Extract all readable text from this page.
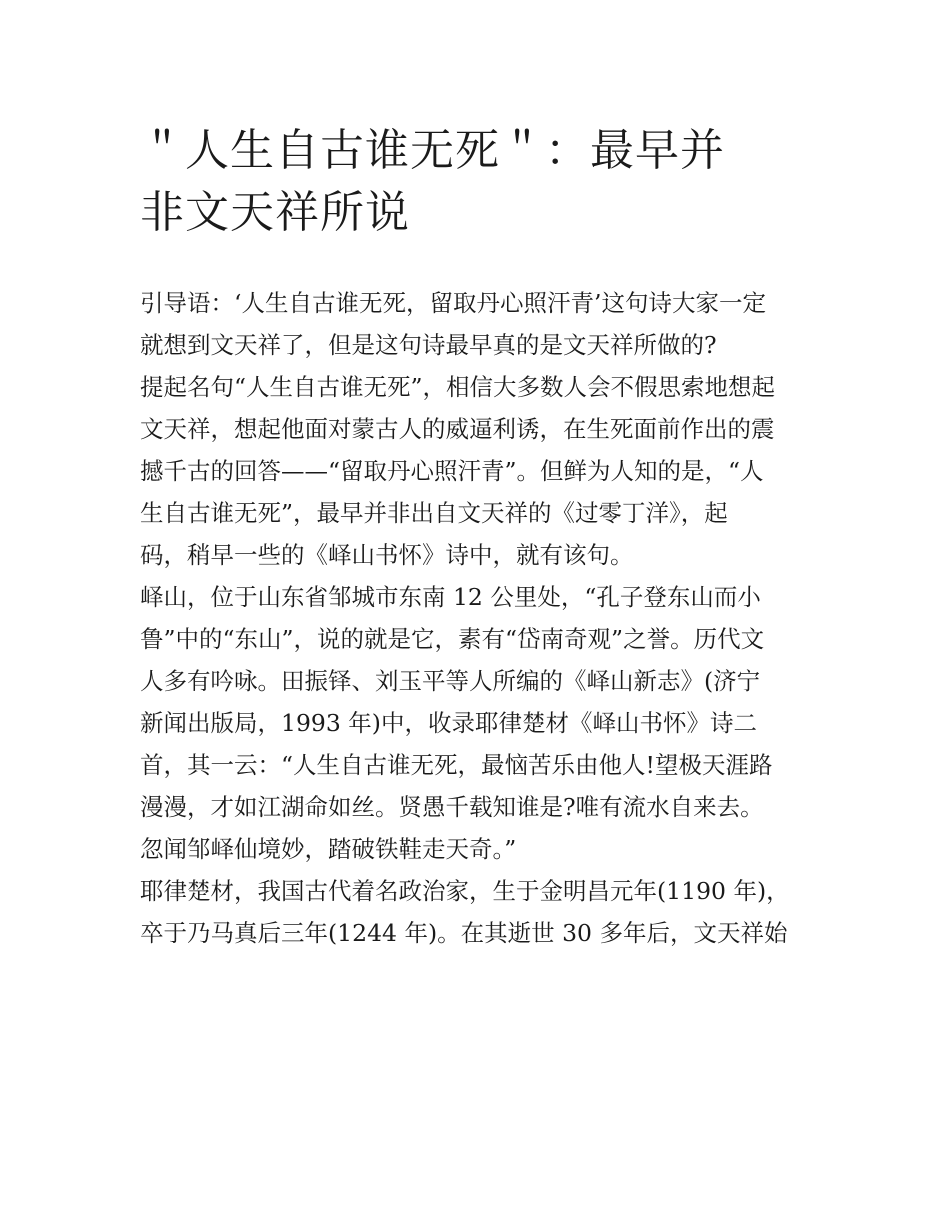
＂人生自古谁无死＂：最早并
非文天祥所说
引导语：‘人生自古谁无死，留取丹心照汗青’这句诗大家一定
就想到文天祥了，但是这句诗最早真的是文天祥所做的?
提起名句“人生自古谁无死”，相信大多数人会不假思索地想起
文天祥，想起他面对蒙古人的威逼利诱，在生死面前作出的震
撼千古的回答——“留取丹心照汗青”。但鲜为人知的是，“人
生自古谁无死”，最早并非出自文天祥的《过零丁洋》，起
码，稍早一些的《峄山书怀》诗中，就有该句。
峄山，位于山东省邹城市东南 12 公里处，“孔子登东山而小
鲁”中的“东山”，说的就是它，素有“岱南奇观”之誉。历代文
人多有吟咏。田振铎、刘玉平等人所编的《峄山新志》(济宁
新闻出版局，1993 年)中，收录耶律楚材《峄山书怀》诗二
首，其一云：“人生自古谁无死，最恼苦乐由他人!望极天涯路
漫漫，才如江湖命如丝。贤愚千载知谁是?唯有流水自来去。
忽闻邹峄仙境妙，踏破铁鞋走天奇。”
耶律楚材，我国古代着名政治家，生于金明昌元年(1190 年)，
卒于乃马真后三年(1244 年)。在其逝世 30 多年后，文天祥始
